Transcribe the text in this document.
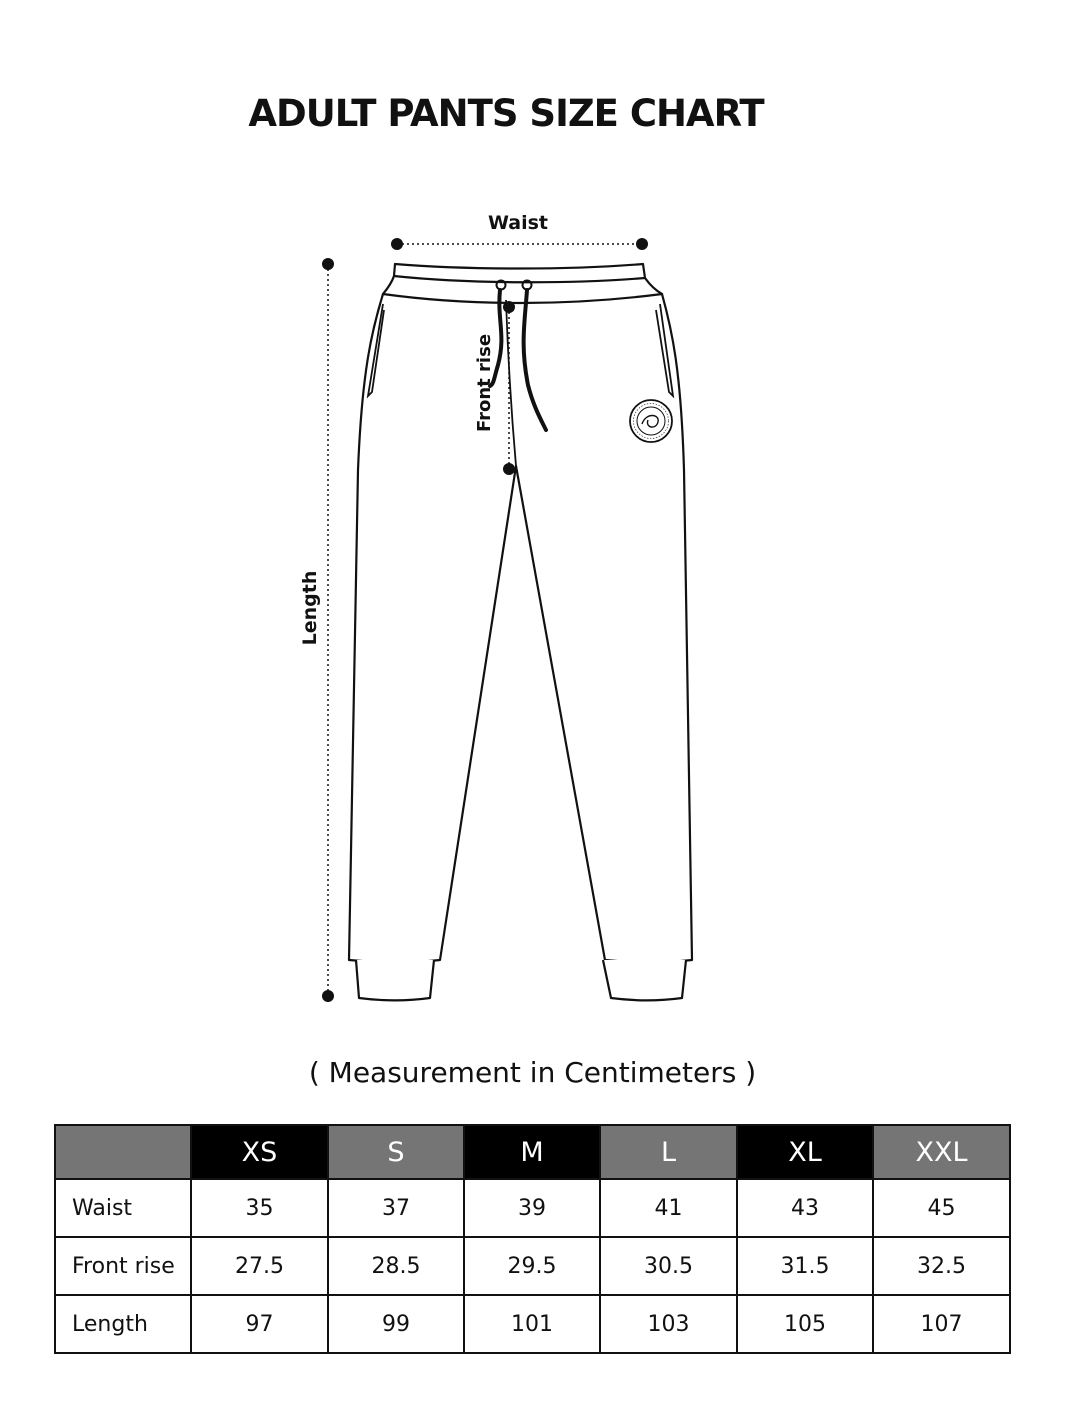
ADULT PANTS SIZE CHART
Waist
Length
Front rise
( Measurement in Centimeters )
	XS	S	M	L	XL	XXL
Waist	35	37	39	41	43	45
Front rise	27.5	28.5	29.5	30.5	31.5	32.5
Length	97	99	101	103	105	107
